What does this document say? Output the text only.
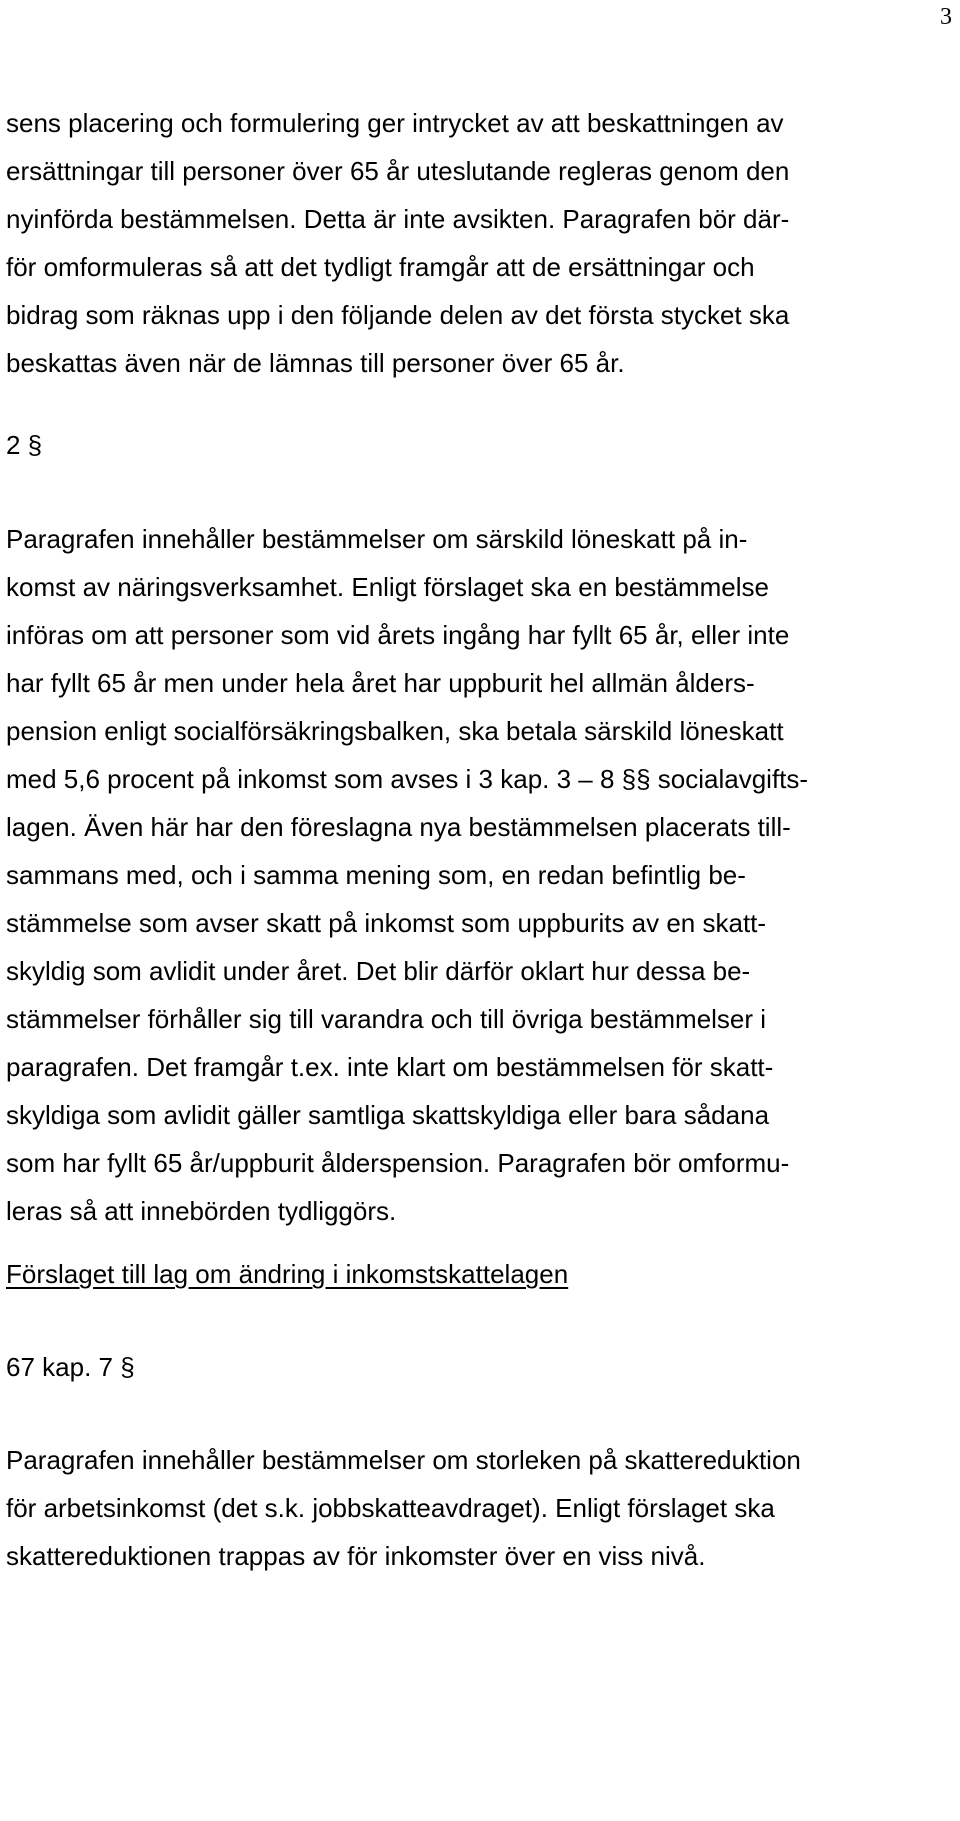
3
sens placering och formulering ger intrycket av att beskattningen av
ersättningar till personer över 65 år uteslutande regleras genom den
nyinförda bestämmelsen. Detta är inte avsikten. Paragrafen bör där-
för omformuleras så att det tydligt framgår att de ersättningar och
bidrag som räknas upp i den följande delen av det första stycket ska
beskattas även när de lämnas till personer över 65 år.
2 §
Paragrafen innehåller bestämmelser om särskild löneskatt på in-
komst av näringsverksamhet. Enligt förslaget ska en bestämmelse
införas om att personer som vid årets ingång har fyllt 65 år, eller inte
har fyllt 65 år men under hela året har uppburit hel allmän ålders-
pension enligt socialförsäkringsbalken, ska betala särskild löneskatt
med 5,6 procent på inkomst som avses i 3 kap. 3 – 8 §§ socialavgifts-
lagen. Även här har den föreslagna nya bestämmelsen placerats till-
sammans med, och i samma mening som, en redan befintlig be-
stämmelse som avser skatt på inkomst som uppburits av en skatt-
skyldig som avlidit under året. Det blir därför oklart hur dessa be-
stämmelser förhåller sig till varandra och till övriga bestämmelser i
paragrafen. Det framgår t.ex. inte klart om bestämmelsen för skatt-
skyldiga som avlidit gäller samtliga skattskyldiga eller bara sådana
som har fyllt 65 år/uppburit ålderspension. Paragrafen bör omformu-
leras så att innebörden tydliggörs.
Förslaget till lag om ändring i inkomstskattelagen
67 kap. 7 §
Paragrafen innehåller bestämmelser om storleken på skattereduktion
för arbetsinkomst (det s.k. jobbskatteavdraget). Enligt förslaget ska
skattereduktionen trappas av för inkomster över en viss nivå.
